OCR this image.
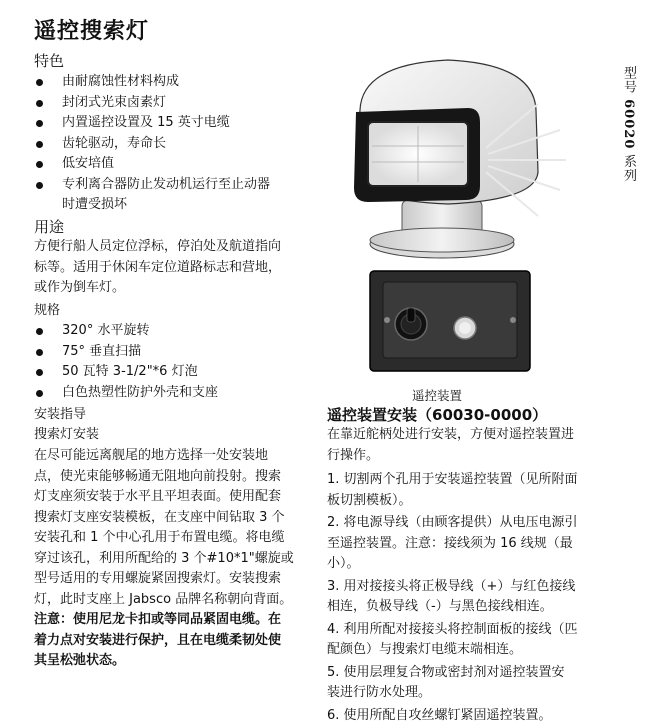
遥控搜索灯
型号 60020 系列
特色
由耐腐蚀性材料构成
封闭式光束卤素灯
内置遥控设置及 15 英寸电缆
齿轮驱动，寿命长
低安培值
专利离合器防止发动机运行至止动器
时遭受损坏
用途
方便行船人员定位浮标，停泊处及航道指向
标等。适用于休闲车定位道路标志和营地，
或作为倒车灯。
规格
320° 水平旋转
75° 垂直扫描
50 瓦特 3-1/2"*6 灯泡
白色热塑性防护外壳和支座
安装指导
搜索灯安装
在尽可能远离舰尾的地方选择一处安装地
点，使光束能够畅通无阻地向前投射。搜索
灯支座须安装于水平且平坦表面。使用配套
搜索灯支座安装模板，在支座中间钻取 3 个
安装孔和 1 个中心孔用于布置电缆。将电缆
穿过该孔，利用所配给的 3 个#10*1"螺旋或
型号适用的专用螺旋紧固搜索灯。安装搜索
灯，此时支座上 Jabsco 品牌名称朝向背面。
注意：使用尼龙卡扣或等同品紧固电缆。在
着力点对安装进行保护，且在电缆柔韧处使
其呈松弛状态。
遥控装置
遥控装置安装（60030-0000）
在靠近舵柄处进行安装，方便对遥控装置进
行操作。
1. 切割两个孔用于安装遥控装置（见所附面
板切割模板）。
2. 将电源导线（由顾客提供）从电压电源引
至遥控装置。注意：接线须为 16 线规（最
小）。
3. 用对接接头将正极导线（+）与红色接线
相连，负极导线（-）与黑色接线相连。
4. 利用所配对接接头将控制面板的接线（匹
配颜色）与搜索灯电缆末端相连。
5. 使用层理复合物或密封剂对遥控装置安
装进行防水处理。
6. 使用所配自攻丝螺钉紧固遥控装置。
